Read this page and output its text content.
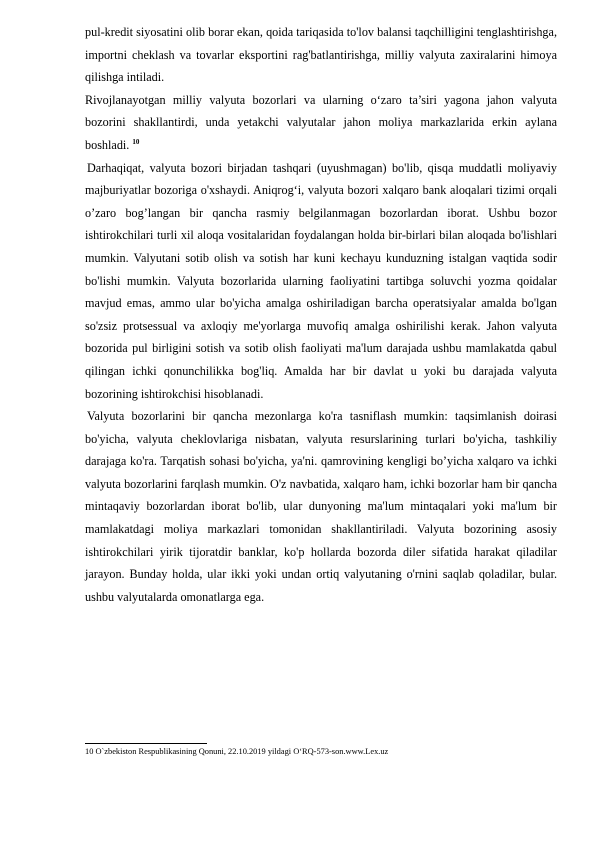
pul-kredit siyosatini olib borar ekan, qoida tariqasida to'lov balansi taqchilligini tenglashtirishga, importni cheklash va tovarlar eksportini rag'batlantirishga, milliy valyuta zaxiralarini himoya qilishga intiladi.

Rivojlanayotgan milliy valyuta bozorlari va ularning o‘zaro ta’siri yagona jahon valyuta bozorini shakllantirdi, unda yetakchi valyutalar jahon moliya markazlarida erkin aylana boshladi. $^{10}$

Darhaqiqat, valyuta bozori birjadan tashqari (uyushmagan) bo'lib, qisqa muddatli moliyaviy majburiyatlar bozoriga o'xshaydi. Aniqrog‘i, valyuta bozori xalqaro bank aloqalari tizimi orqali o’zaro bog’langan bir qancha rasmiy belgilanmagan bozorlardan iborat. Ushbu bozor ishtirokchilari turli xil aloqa vositalaridan foydalangan holda bir-birlari bilan aloqada bo'lishlari mumkin. Valyutani sotib olish va sotish har kuni kechayu kunduzning istalgan vaqtida sodir bo'lishi mumkin. Valyuta bozorlarida ularning faoliyatini tartibga soluvchi yozma qoidalar mavjud emas, ammo ular bo'yicha amalga oshiriladigan barcha operatsiyalar amalda bo'lgan so'zsiz protsessual va axloqiy me'yorlarga muvofiq amalga oshirilishi kerak. Jahon valyuta bozorida pul birligini sotish va sotib olish faoliyati ma'lum darajada ushbu mamlakatda qabul qilingan ichki qonunchilikka bog'liq. Amalda har bir davlat u yoki bu darajada valyuta bozorining ishtirokchisi hisoblanadi.

Valyuta bozorlarini bir qancha mezonlarga ko'ra tasniflash mumkin: taqsimlanish doirasi bo'yicha, valyuta cheklovlariga nisbatan, valyuta resurslarining turlari bo'yicha, tashkiliy darajaga ko'ra. Tarqatish sohasi bo'yicha, ya'ni. qamrovining kengligi bo’yicha xalqaro va ichki valyuta bozorlarini farqlash mumkin. O'z navbatida, xalqaro ham, ichki bozorlar ham bir qancha mintaqaviy bozorlardan iborat bo'lib, ular dunyoning ma'lum mintaqalari yoki ma'lum bir mamlakatdagi moliya markazlari tomonidan shakllantiriladi. Valyuta bozorining asosiy ishtirokchilari yirik tijoratdir banklar, ko'p hollarda bozorda diler sifatida harakat qiladilar jarayon. Bunday holda, ular ikki yoki undan ortiq valyutaning o'rnini saqlab qoladilar, bular. ushbu valyutalarda omonatlarga ega.

10 O`zbekiston Respublikasining Qonuni, 22.10.2019 yildagi O‘RQ-573-son.www.Lex.uz
